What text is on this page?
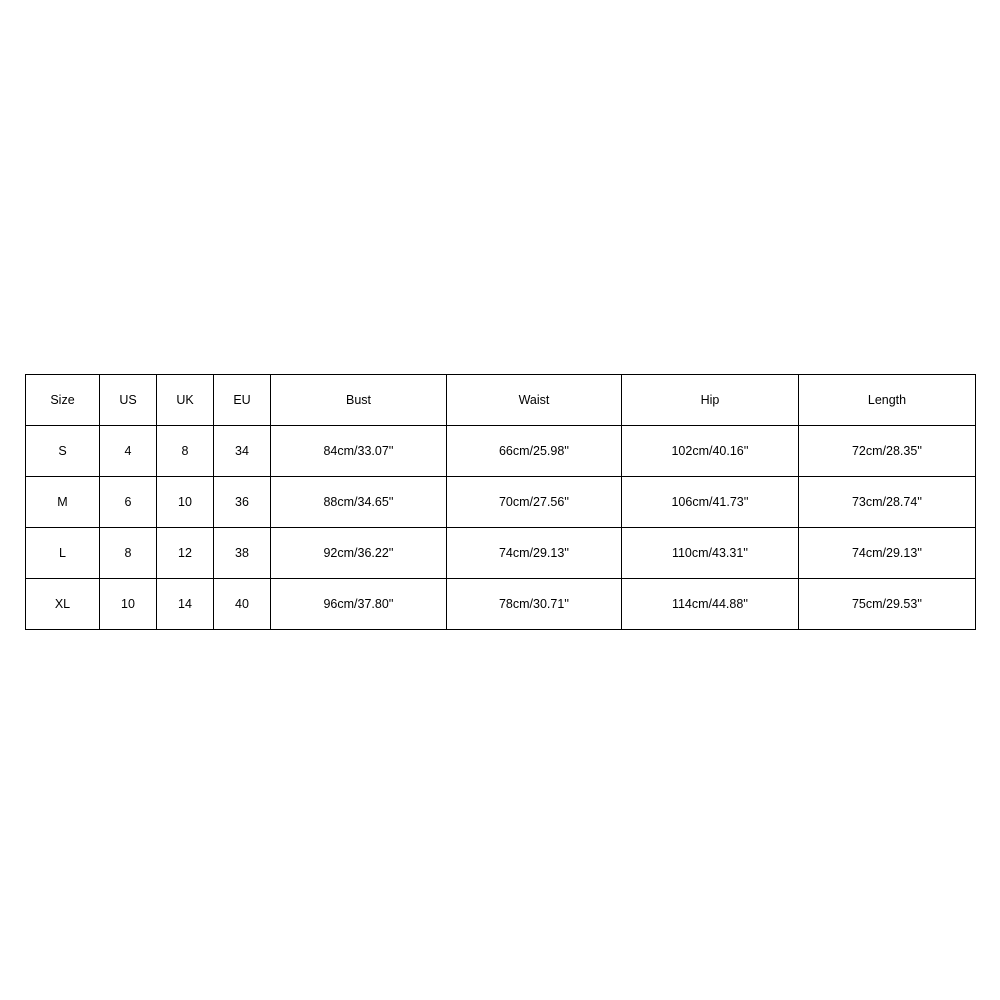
Size	US	UK	EU	Bust	Waist	Hip	Length
S	4	8	34	84cm/33.07''	66cm/25.98''	102cm/40.16''	72cm/28.35''
M	6	10	36	88cm/34.65''	70cm/27.56''	106cm/41.73''	73cm/28.74''
L	8	12	38	92cm/36.22''	74cm/29.13''	110cm/43.31''	74cm/29.13''
XL	10	14	40	96cm/37.80''	78cm/30.71''	114cm/44.88''	75cm/29.53''
